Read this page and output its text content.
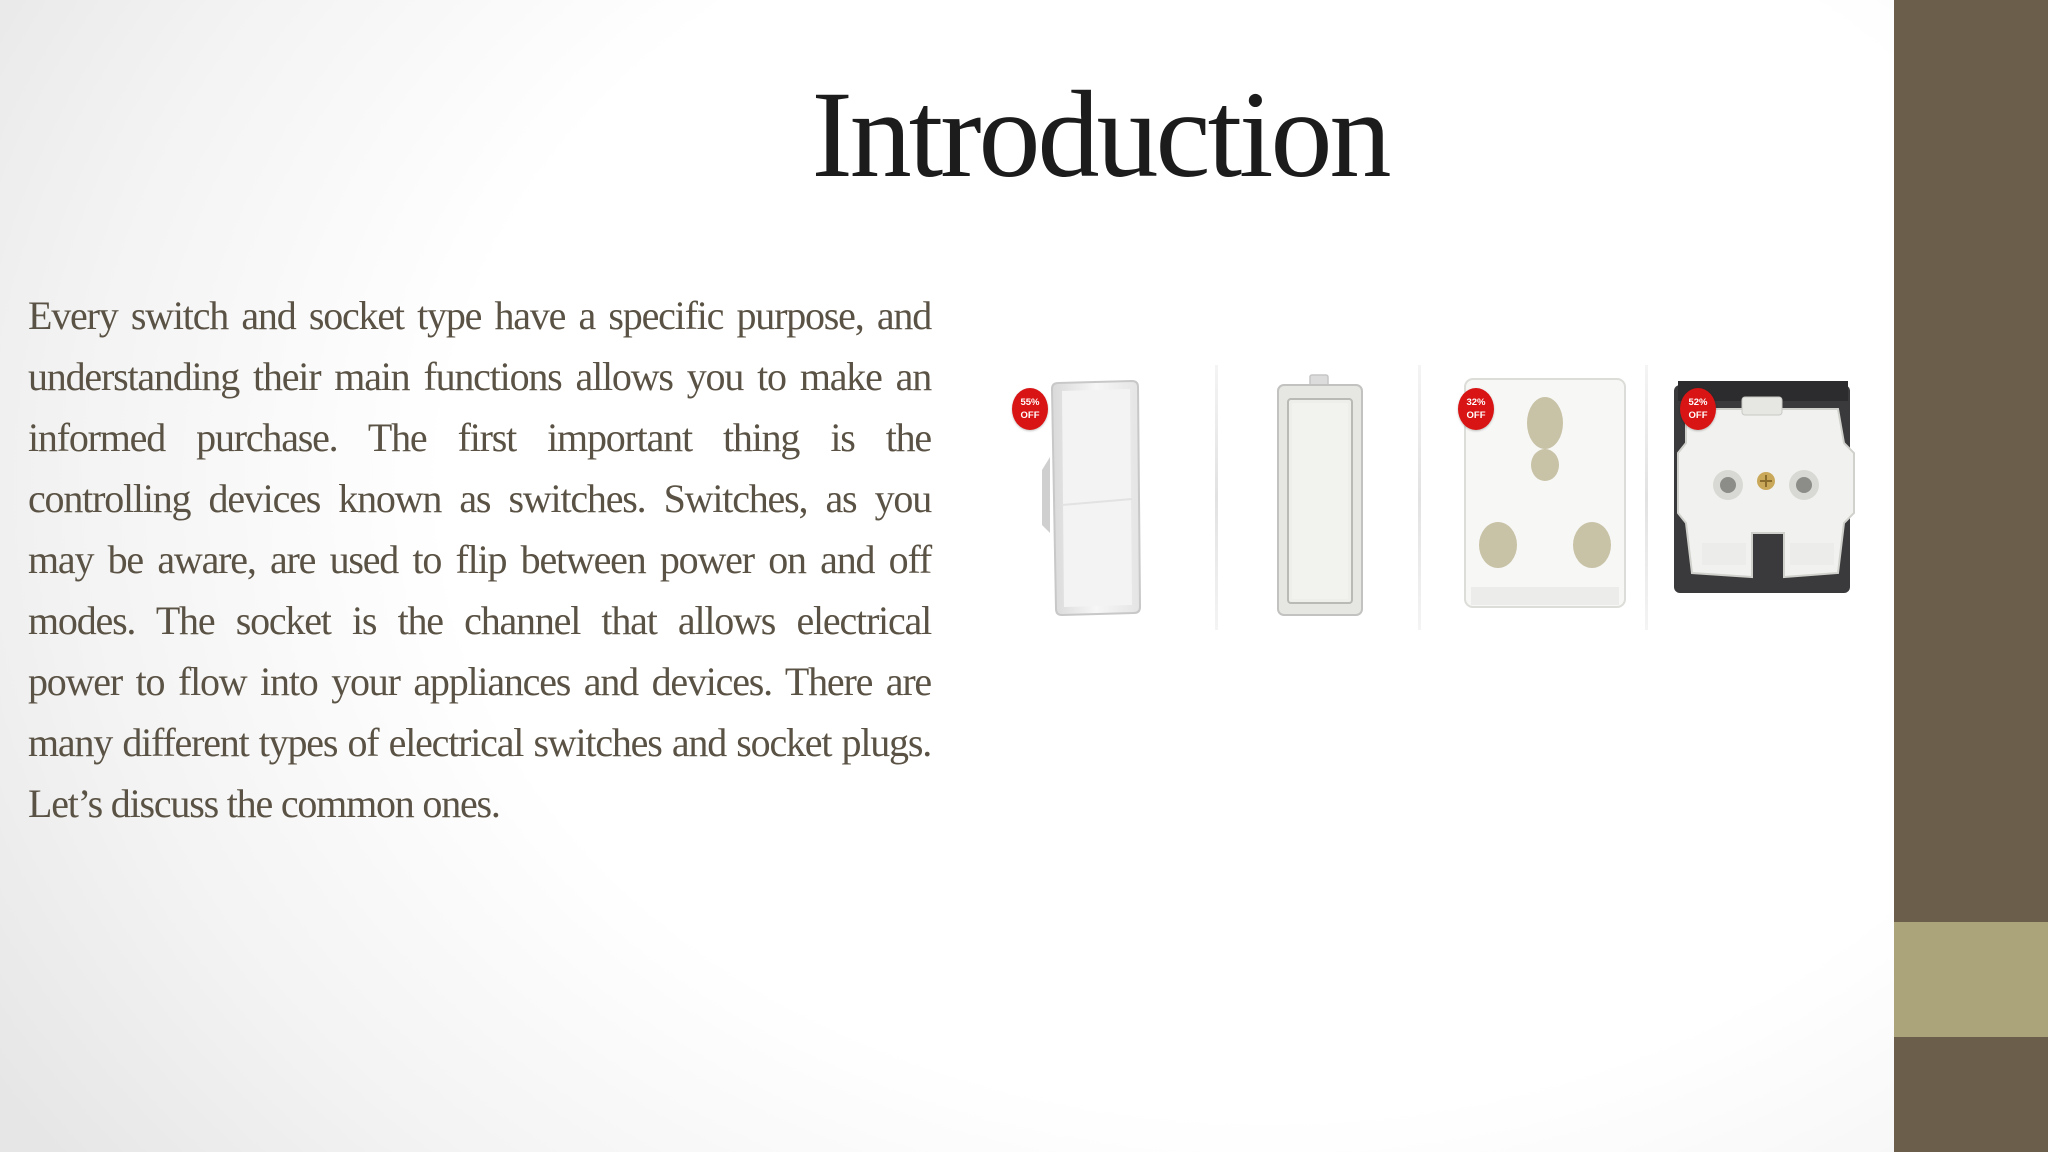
Introduction
Every switch and socket type have a specific purpose, and understanding their main functions allows you to make an informed purchase. The first important thing is the controlling devices known as switches. Switches, as you may be aware, are used to flip between power on and off modes. The socket is the channel that allows electrical power to flow into your appliances and devices. There are many different types of electrical switches and socket plugs. Let’s discuss the common ones.
55%
OFF
32%
OFF
52%
OFF
